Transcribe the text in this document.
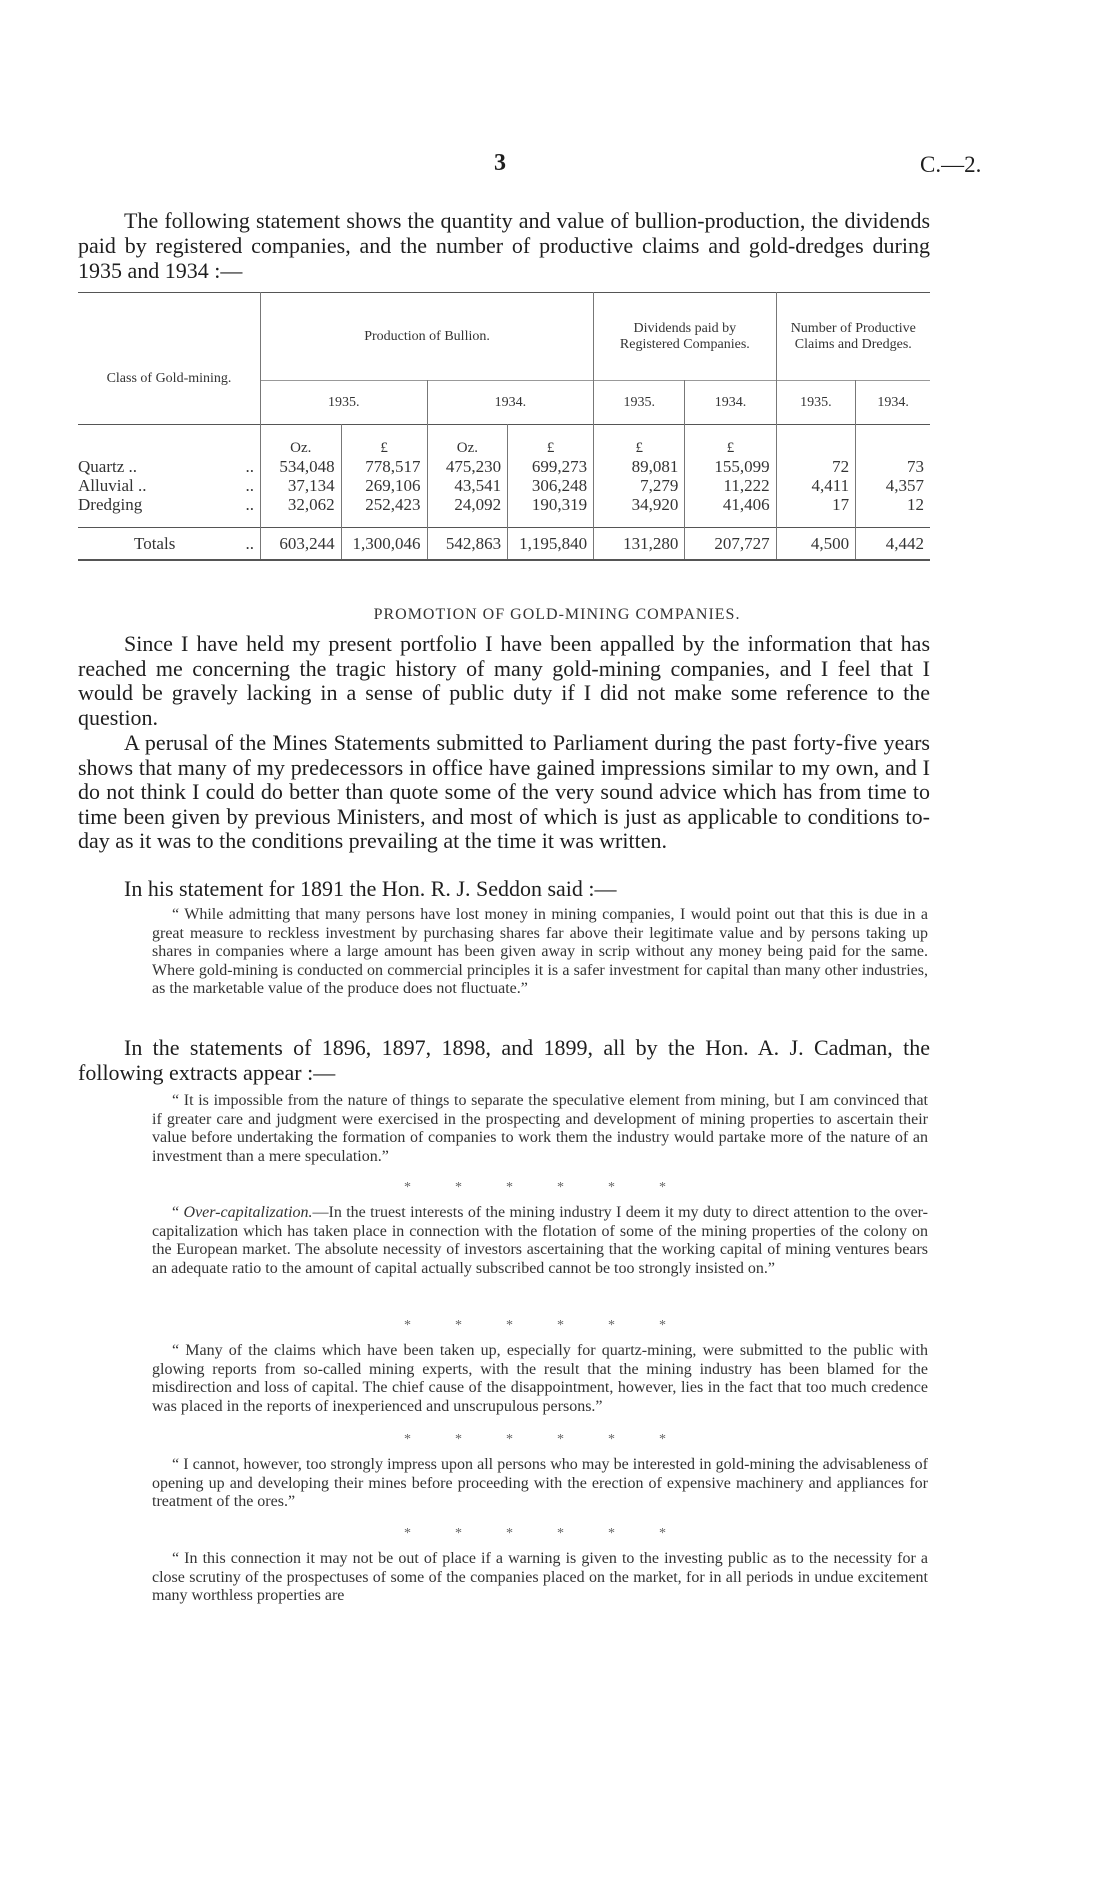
3	C.—2.

The following statement shows the quantity and value of bullion-production, the dividends paid by registered companies, and the number of productive claims and gold-dredges during 1935 and 1934 :—

Class of Gold-mining.		Production of Bullion.				Dividends paid by Registered Companies.		Number of Productive Claims and Dredges.	
		1935.		1934.		1935.	1934.	1935.	1934.
		Oz.	£	Oz.	£	£	£		
Quartz ..	..	534,048	778,517	475,230	699,273	89,081	155,099	72	73
Alluvial ..	..	37,134	269,106	43,541	306,248	7,279	11,222	4,411	4,357
Dredging	..	32,062	252,423	24,092	190,319	34,920	41,406	17	12

Totals	..	603,244	1,300,046	542,863	1,195,840	131,280	207,727	4,500	4,442
PROMOTION OF GOLD-MINING COMPANIES.

Since I have held my present portfolio I have been appalled by the information that has reached me concerning the tragic history of many gold-mining companies, and I feel that I would be gravely lacking in a sense of public duty if I did not make some reference to the question.

A perusal of the Mines Statements submitted to Parliament during the past forty-five years shows that many of my predecessors in office have gained impressions similar to my own, and I do not think I could do better than quote some of the very sound advice which has from time to time been given by previous Ministers, and most of which is just as applicable to conditions to-day as it was to the conditions prevailing at the time it was written.

In his statement for 1891 the Hon. R. J. Seddon said :—

“ While admitting that many persons have lost money in mining companies, I would point out that this is due in a great measure to reckless investment by purchasing shares far above their legitimate value and by persons taking up shares in companies where a large amount has been given away in scrip without any money being paid for the same. Where gold-mining is conducted on commercial principles it is a safer investment for capital than many other industries, as the marketable value of the produce does not fluctuate.”

In the statements of 1896, 1897, 1898, and 1899, all by the Hon. A. J. Cadman, the following extracts appear :—

“ It is impossible from the nature of things to separate the speculative element from mining, but I am convinced that if greater care and judgment were exercised in the prospecting and development of mining properties to ascertain their value before undertaking the formation of companies to work them the industry would partake more of the nature of an investment than a mere speculation.”

******

“ Over-capitalization.—In the truest interests of the mining industry I deem it my duty to direct attention to the over-capitalization which has taken place in connection with the flotation of some of the mining properties of the colony on the European market. The absolute necessity of investors ascertaining that the working capital of mining ventures bears an adequate ratio to the amount of capital actually subscribed cannot be too strongly insisted on.”

******

“ Many of the claims which have been taken up, especially for quartz-mining, were submitted to the public with glowing reports from so-called mining experts, with the result that the mining industry has been blamed for the misdirection and loss of capital. The chief cause of the disappointment, however, lies in the fact that too much credence was placed in the reports of inexperienced and unscrupulous persons.”

******

“ I cannot, however, too strongly impress upon all persons who may be interested in gold-mining the advisableness of opening up and developing their mines before proceeding with the erection of expensive machinery and appliances for treatment of the ores.”

******

“ In this connection it may not be out of place if a warning is given to the investing public as to the necessity for a close scrutiny of the prospectuses of some of the companies placed on the market, for in all periods in undue excitement many worthless properties are
